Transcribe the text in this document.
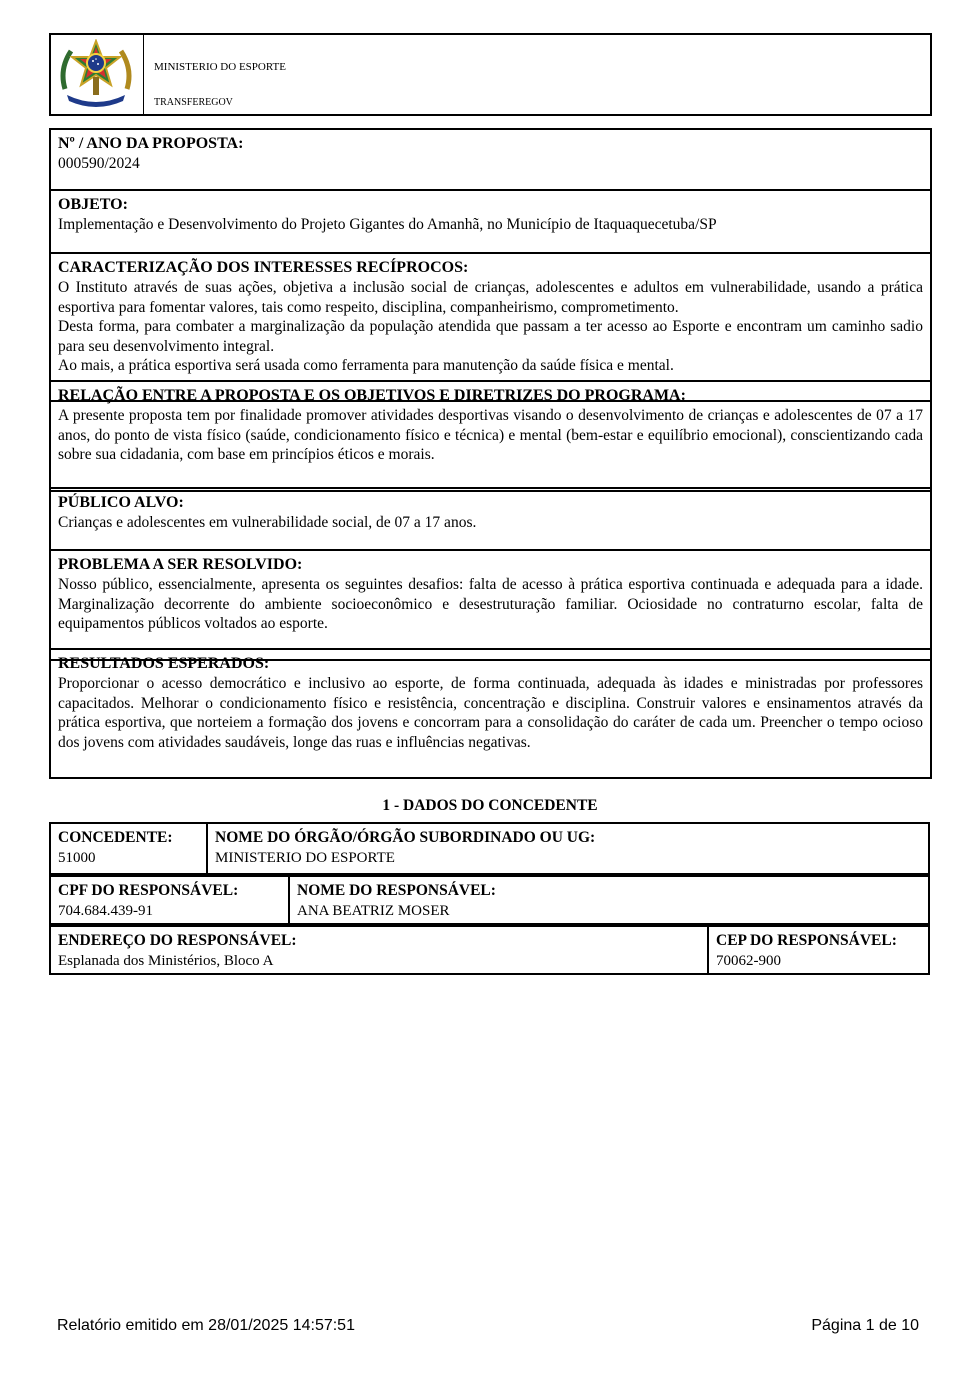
MINISTERIO DO ESPORTE
TRANSFEREGOV
Nº / ANO DA PROPOSTA:
000590/2024
OBJETO:
Implementação e Desenvolvimento do Projeto Gigantes do Amanhã, no Município de Itaquaquecetuba/SP
CARACTERIZAÇÃO DOS INTERESSES RECÍPROCOS:
O Instituto através de suas ações, objetiva a inclusão social de crianças, adolescentes e adultos em vulnerabilidade, usando a prática esportiva para fomentar valores, tais como respeito, disciplina, companheirismo, comprometimento.
Desta forma, para combater a marginalização da população atendida que passam a ter acesso ao Esporte e encontram um caminho sadio para seu desenvolvimento integral.
Ao mais, a prática esportiva será usada como ferramenta para manutenção da saúde física e mental.
RELAÇÃO ENTRE A PROPOSTA E OS OBJETIVOS E DIRETRIZES DO PROGRAMA:
A presente proposta tem por finalidade promover atividades desportivas visando o desenvolvimento de crianças e adolescentes de 07 a 17 anos, do ponto de vista físico (saúde, condicionamento físico e técnica) e mental (bem-estar e equilíbrio emocional), conscientizando cada sobre sua cidadania, com base em princípios éticos e morais.
PÚBLICO ALVO:
Crianças e adolescentes em vulnerabilidade social, de 07 a 17 anos.
PROBLEMA A SER RESOLVIDO:
Nosso público, essencialmente, apresenta os seguintes desafios: falta de acesso à prática esportiva continuada e adequada para a idade. Marginalização decorrente do ambiente socioeconômico e desestruturação familiar. Ociosidade no contraturno escolar, falta de equipamentos públicos voltados ao esporte.
RESULTADOS ESPERADOS:
Proporcionar o acesso democrático e inclusivo ao esporte, de forma continuada, adequada às idades e ministradas por professores capacitados. Melhorar o condicionamento físico e resistência, concentração e disciplina. Construir valores e ensinamentos através da prática esportiva, que norteiem a formação dos jovens e concorram para a consolidação do caráter de cada um. Preencher o tempo ocioso dos jovens com atividades saudáveis, longe das ruas e influências negativas.
1 - DADOS DO CONCEDENTE
CONCEDENTE:
51000
NOME DO ÓRGÃO/ÓRGÃO SUBORDINADO OU UG:
MINISTERIO DO ESPORTE
CPF DO RESPONSÁVEL:
704.684.439-91
NOME DO RESPONSÁVEL:
ANA BEATRIZ MOSER
ENDEREÇO DO RESPONSÁVEL:
Esplanada dos Ministérios, Bloco A
CEP DO RESPONSÁVEL:
70062-900
Relatório emitido em 28/01/2025 14:57:51	Página 1 de 10
